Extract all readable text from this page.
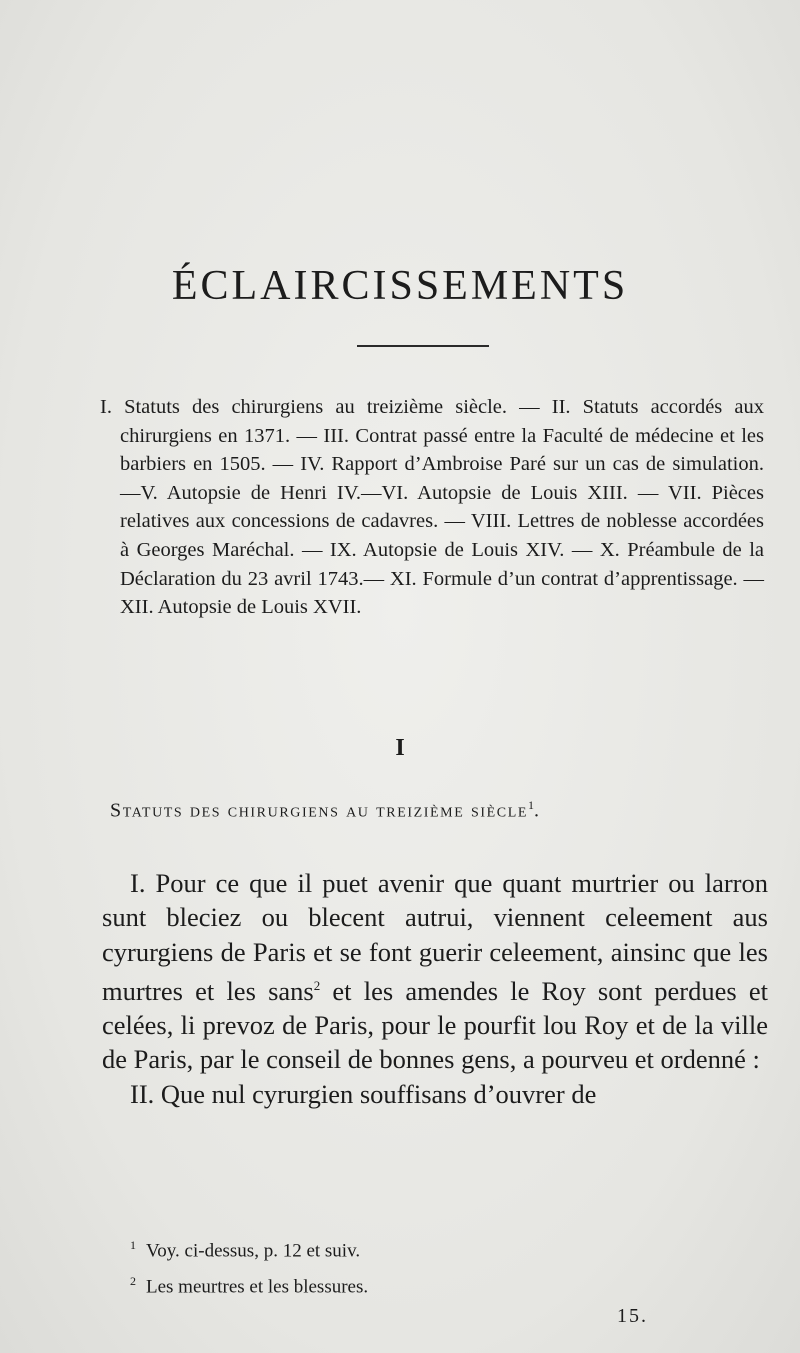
ÉCLAIRCISSEMENTS

I. Statuts des chirurgiens au treizième siècle. — II. Statuts accordés aux chirurgiens en 1371. — III. Contrat passé entre la Faculté de médecine et les barbiers en 1505. — IV. Rapport d’Ambroise Paré sur un cas de simulation. —V. Autopsie de Henri IV.—VI. Autopsie de Louis XIII. — VII. Pièces relatives aux concessions de cadavres. — VIII. Lettres de noblesse accordées à Georges Maréchal. — IX. Autopsie de Louis XIV. — X. Préambule de la Déclaration du 23 avril 1743.— XI. Formule d’un contrat d’apprentissage. — XII. Autopsie de Louis XVII.

I
Statuts des chirurgiens au treizième siècle$^1$.

I. Pour ce que il puet avenir que quant murtrier ou larron sunt bleciez ou blecent autrui, viennent celeement aus cyrurgiens de Paris et se font guerir celeement, ainsinc que les murtres et les sans$^2$ et les amendes le Roy sont perdues et celées, li prevoz de Paris, pour le pourfit lou Roy et de la ville de Paris, par le conseil de bonnes gens, a pourveu et ordenné :

II. Que nul cyrurgien souffisans d’ouvrer de

$^1$ Voy. ci-dessus, p. 12 et suiv.
$^2$ Les meurtres et les blessures.
15.
